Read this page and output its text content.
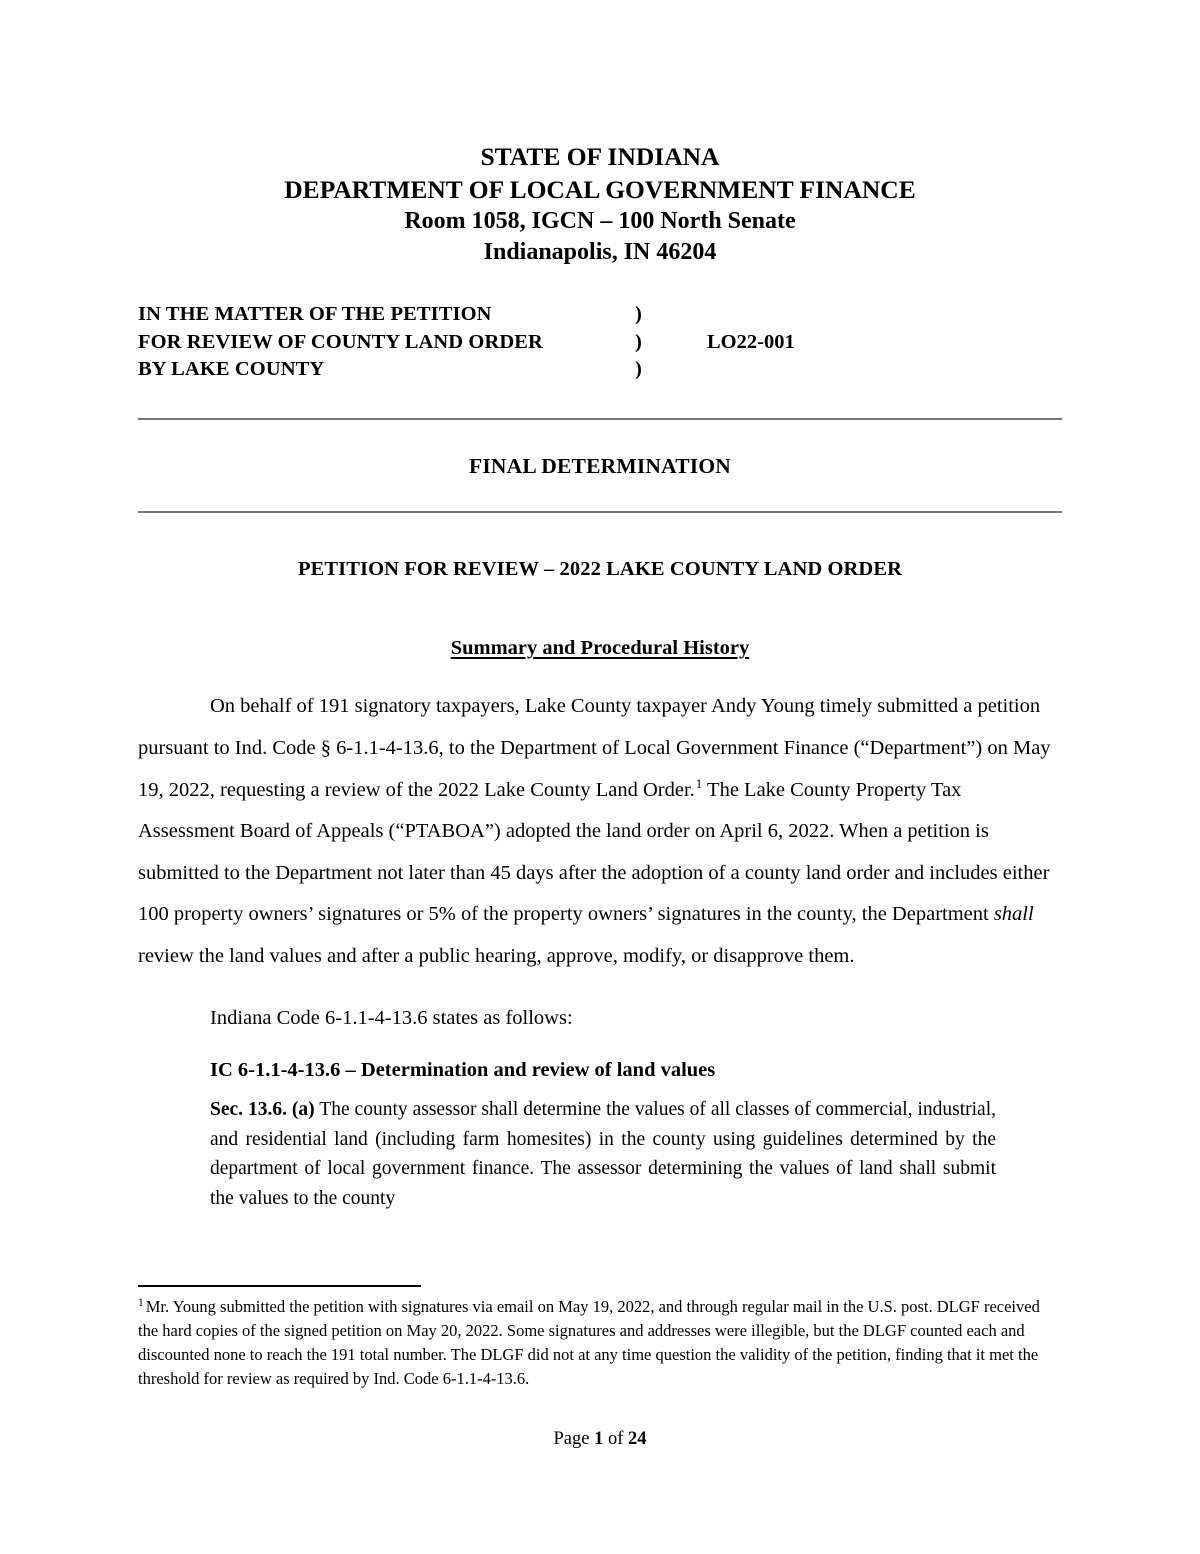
STATE OF INDIANA
DEPARTMENT OF LOCAL GOVERNMENT FINANCE
Room 1058, IGCN – 100 North Senate
Indianapolis, IN 46204
IN THE MATTER OF THE PETITION	)
FOR REVIEW OF COUNTY LAND ORDER	)	LO22-001
BY LAKE COUNTY	)
FINAL DETERMINATION
PETITION FOR REVIEW – 2022 LAKE COUNTY LAND ORDER
Summary and Procedural History
On behalf of 191 signatory taxpayers, Lake County taxpayer Andy Young timely submitted a petition pursuant to Ind. Code § 6-1.1-4-13.6, to the Department of Local Government Finance (“Department”) on May 19, 2022, requesting a review of the 2022 Lake County Land Order.$^1$ The Lake County Property Tax Assessment Board of Appeals (“PTABOA”) adopted the land order on April 6, 2022. When a petition is submitted to the Department not later than 45 days after the adoption of a county land order and includes either 100 property owners’ signatures or 5% of the property owners’ signatures in the county, the Department shall review the land values and after a public hearing, approve, modify, or disapprove them.
Indiana Code 6-1.1-4-13.6 states as follows:
IC 6-1.1-4-13.6 – Determination and review of land values
Sec. 13.6. (a) The county assessor shall determine the values of all classes of commercial, industrial, and residential land (including farm homesites) in the county using guidelines determined by the department of local government finance. The assessor determining the values of land shall submit the values to the county
$^1$ Mr. Young submitted the petition with signatures via email on May 19, 2022, and through regular mail in the U.S. post. DLGF received the hard copies of the signed petition on May 20, 2022. Some signatures and addresses were illegible, but the DLGF counted each and discounted none to reach the 191 total number. The DLGF did not at any time question the validity of the petition, finding that it met the threshold for review as required by Ind. Code 6-1.1-4-13.6.
Page 1 of 24
